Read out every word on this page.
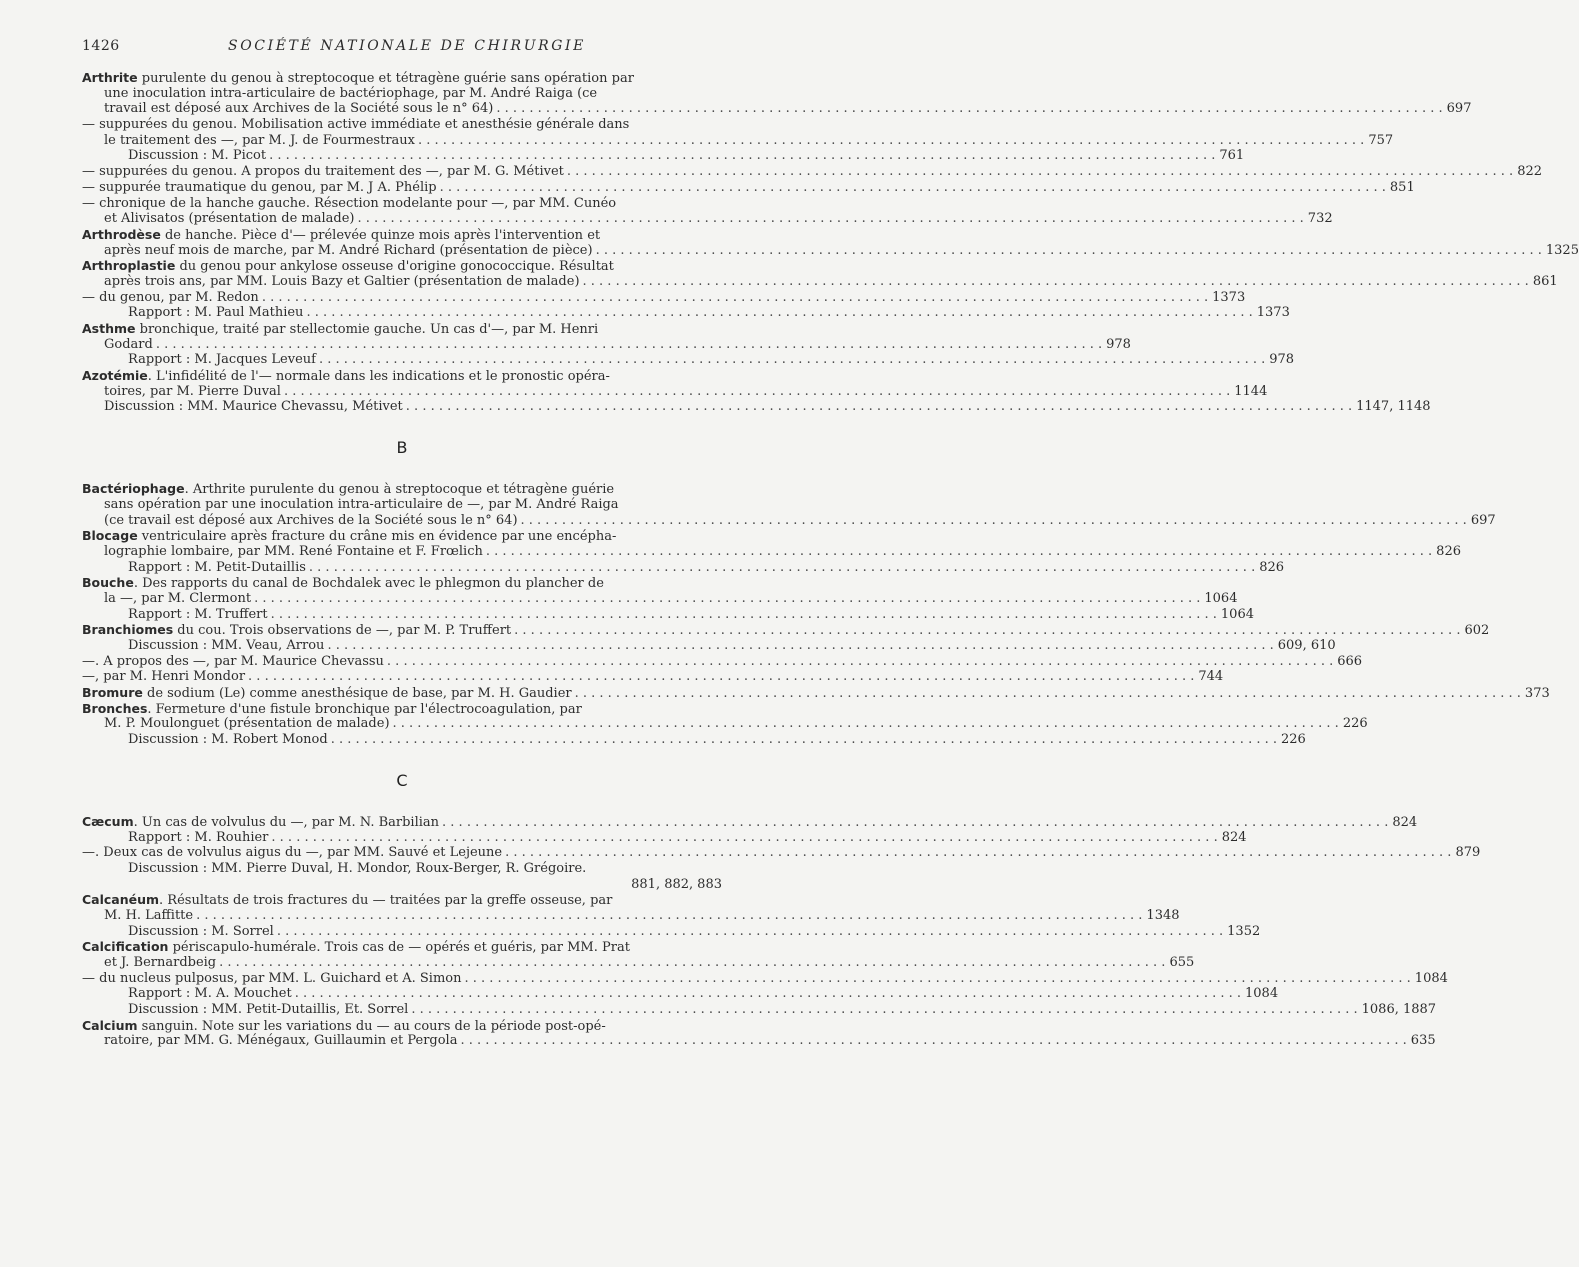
1426	SOCIÉTÉ NATIONALE DE CHIRURGIE
Arthrite purulente du genou à streptocoque et tétragène guérie sans opération par
une inoculation intra-articulaire de bactériophage, par M. André Raiga (ce
travail est déposé aux Archives de la Société sous le n° 64) . . .	697
— suppurées du genou. Mobilisation active immédiate et anesthésie générale dans
le traitement des —, par M. J. de Fourmestraux . . .	757
Discussion : M. Picot . . .	761
— suppurées du genou. A propos du traitement des —, par M. G. Métivet . . .	822
— suppurée traumatique du genou, par M. J A. Phélip . . .	851
— chronique de la hanche gauche. Résection modelante pour —, par MM. Cunéo
et Alivisatos (présentation de malade) . . .	732
Arthrodèse de hanche. Pièce d'— prélevée quinze mois après l'intervention et
après neuf mois de marche, par M. André Richard (présentation de pièce) . . .	1325
Arthroplastie du genou pour ankylose osseuse d'origine gonococcique. Résultat
après trois ans, par MM. Louis Bazy et Galtier (présentation de malade) . . .	861
— du genou, par M. Redon . . .	1373
Rapport : M. Paul Mathieu . . .	1373
Asthme bronchique, traité par stellectomie gauche. Un cas d'—, par M. Henri
Godard . . .	978
Rapport : M. Jacques Leveuf . . .	978
Azotémie. L'infidélité de l'— normale dans les indications et le pronostic opéra-
toires, par M. Pierre Duval . . .	1144
Discussion : MM. Maurice Chevassu, Métivet . . .	1147, 1148
B
Bactériophage. Arthrite purulente du genou à streptocoque et tétragène guérie
sans opération par une inoculation intra-articulaire de —, par M. André Raiga
(ce travail est déposé aux Archives de la Société sous le n° 64) . . .	697
Blocage ventriculaire après fracture du crâne mis en évidence par une encépha-
lographie lombaire, par MM. René Fontaine et F. Frœlich . . .	826
Rapport : M. Petit-Dutaillis . . .	826
Bouche. Des rapports du canal de Bochdalek avec le phlegmon du plancher de
la —, par M. Clermont . . .	1064
Rapport : M. Truffert . . .	1064
Branchiomes du cou. Trois observations de —, par M. P. Truffert . . .	602
Discussion : MM. Veau, Arrou . . .	609, 610
—. A propos des —, par M. Maurice Chevassu . . .	666
—, par M. Henri Mondor . . .	744
Bromure de sodium (Le) comme anesthésique de base, par M. H. Gaudier . . .	373
Bronches. Fermeture d'une fistule bronchique par l'électrocoagulation, par
M. P. Moulonguet (présentation de malade) . . .	226
Discussion : M. Robert Monod . . .	226
C
Cæcum. Un cas de volvulus du —, par M. N. Barbilian . . .	824
Rapport : M. Rouhier . . .	824
—. Deux cas de volvulus aigus du —, par MM. Sauvé et Lejeune . . .	879
Discussion : MM. Pierre Duval, H. Mondor, Roux-Berger, R. Grégoire.
881, 882, 883
Calcanéum. Résultats de trois fractures du — traitées par la greffe osseuse, par
M. H. Laffitte . . .	1348
Discussion : M. Sorrel . . .	1352
Calcification périscapulo-humérale. Trois cas de — opérés et guéris, par MM. Prat
et J. Bernardbeig . . .	655
— du nucleus pulposus, par MM. L. Guichard et A. Simon . . .	1084
Rapport : M. A. Mouchet . . .	1084
Discussion : MM. Petit-Dutaillis, Et. Sorrel . . .	1086, 1887
Calcium sanguin. Note sur les variations du — au cours de la période post-opé-
ratoire, par MM. G. Ménégaux, Guillaumin et Pergola . . .	635
